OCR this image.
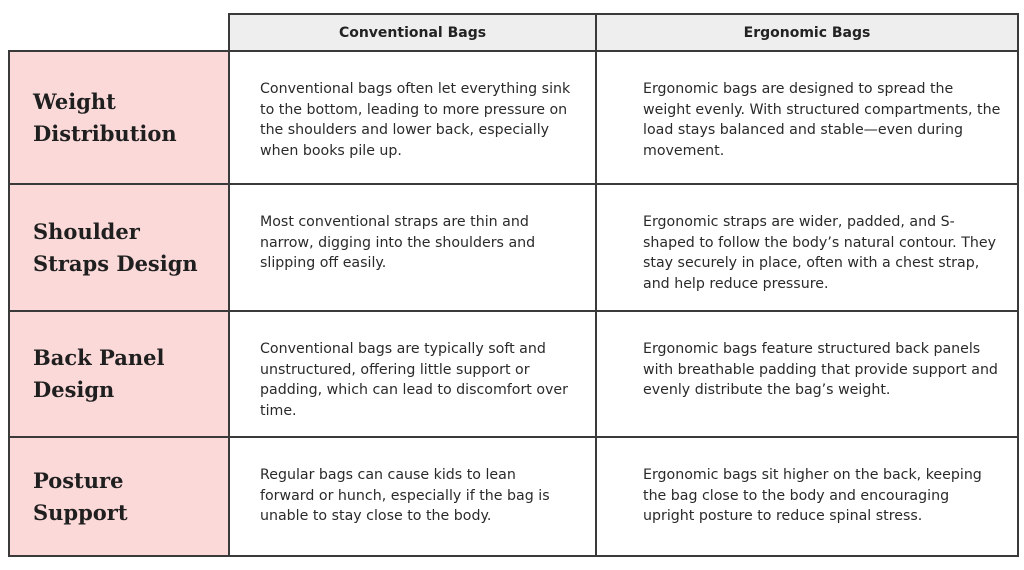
Conventional Bags	Ergonomic Bags
Weight Distribution
Conventional bags often let everything sink to the bottom, leading to more pressure on the shoulders and lower back, especially when books pile up.
Ergonomic bags are designed to spread the weight evenly. With structured compartments, the load stays balanced and stable—even during movement.
Shoulder Straps Design
Most conventional straps are thin and narrow, digging into the shoulders and slipping off easily.
Ergonomic straps are wider, padded, and S-shaped to follow the body’s natural contour. They stay securely in place, often with a chest strap, and help reduce pressure.
Back Panel Design
Conventional bags are typically soft and unstructured, offering little support or padding, which can lead to discomfort over time.
Ergonomic bags feature structured back panels with breathable padding that provide support and evenly distribute the bag’s weight.
Posture Support
Regular bags can cause kids to lean forward or hunch, especially if the bag is unable to stay close to the body.
Ergonomic bags sit higher on the back, keeping the bag close to the body and encouraging upright posture to reduce spinal stress.
